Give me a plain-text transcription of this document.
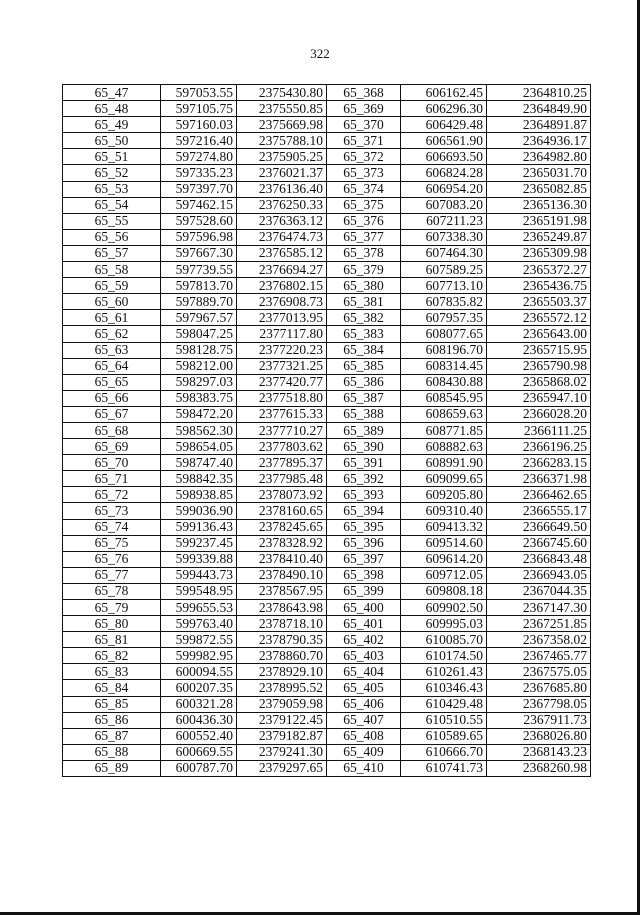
322
65_47	597053.55	2375430.80	65_368	606162.45	2364810.25
65_48	597105.75	2375550.85	65_369	606296.30	2364849.90
65_49	597160.03	2375669.98	65_370	606429.48	2364891.87
65_50	597216.40	2375788.10	65_371	606561.90	2364936.17
65_51	597274.80	2375905.25	65_372	606693.50	2364982.80
65_52	597335.23	2376021.37	65_373	606824.28	2365031.70
65_53	597397.70	2376136.40	65_374	606954.20	2365082.85
65_54	597462.15	2376250.33	65_375	607083.20	2365136.30
65_55	597528.60	2376363.12	65_376	607211.23	2365191.98
65_56	597596.98	2376474.73	65_377	607338.30	2365249.87
65_57	597667.30	2376585.12	65_378	607464.30	2365309.98
65_58	597739.55	2376694.27	65_379	607589.25	2365372.27
65_59	597813.70	2376802.15	65_380	607713.10	2365436.75
65_60	597889.70	2376908.73	65_381	607835.82	2365503.37
65_61	597967.57	2377013.95	65_382	607957.35	2365572.12
65_62	598047.25	2377117.80	65_383	608077.65	2365643.00
65_63	598128.75	2377220.23	65_384	608196.70	2365715.95
65_64	598212.00	2377321.25	65_385	608314.45	2365790.98
65_65	598297.03	2377420.77	65_386	608430.88	2365868.02
65_66	598383.75	2377518.80	65_387	608545.95	2365947.10
65_67	598472.20	2377615.33	65_388	608659.63	2366028.20
65_68	598562.30	2377710.27	65_389	608771.85	2366111.25
65_69	598654.05	2377803.62	65_390	608882.63	2366196.25
65_70	598747.40	2377895.37	65_391	608991.90	2366283.15
65_71	598842.35	2377985.48	65_392	609099.65	2366371.98
65_72	598938.85	2378073.92	65_393	609205.80	2366462.65
65_73	599036.90	2378160.65	65_394	609310.40	2366555.17
65_74	599136.43	2378245.65	65_395	609413.32	2366649.50
65_75	599237.45	2378328.92	65_396	609514.60	2366745.60
65_76	599339.88	2378410.40	65_397	609614.20	2366843.48
65_77	599443.73	2378490.10	65_398	609712.05	2366943.05
65_78	599548.95	2378567.95	65_399	609808.18	2367044.35
65_79	599655.53	2378643.98	65_400	609902.50	2367147.30
65_80	599763.40	2378718.10	65_401	609995.03	2367251.85
65_81	599872.55	2378790.35	65_402	610085.70	2367358.02
65_82	599982.95	2378860.70	65_403	610174.50	2367465.77
65_83	600094.55	2378929.10	65_404	610261.43	2367575.05
65_84	600207.35	2378995.52	65_405	610346.43	2367685.80
65_85	600321.28	2379059.98	65_406	610429.48	2367798.05
65_86	600436.30	2379122.45	65_407	610510.55	2367911.73
65_87	600552.40	2379182.87	65_408	610589.65	2368026.80
65_88	600669.55	2379241.30	65_409	610666.70	2368143.23
65_89	600787.70	2379297.65	65_410	610741.73	2368260.98
